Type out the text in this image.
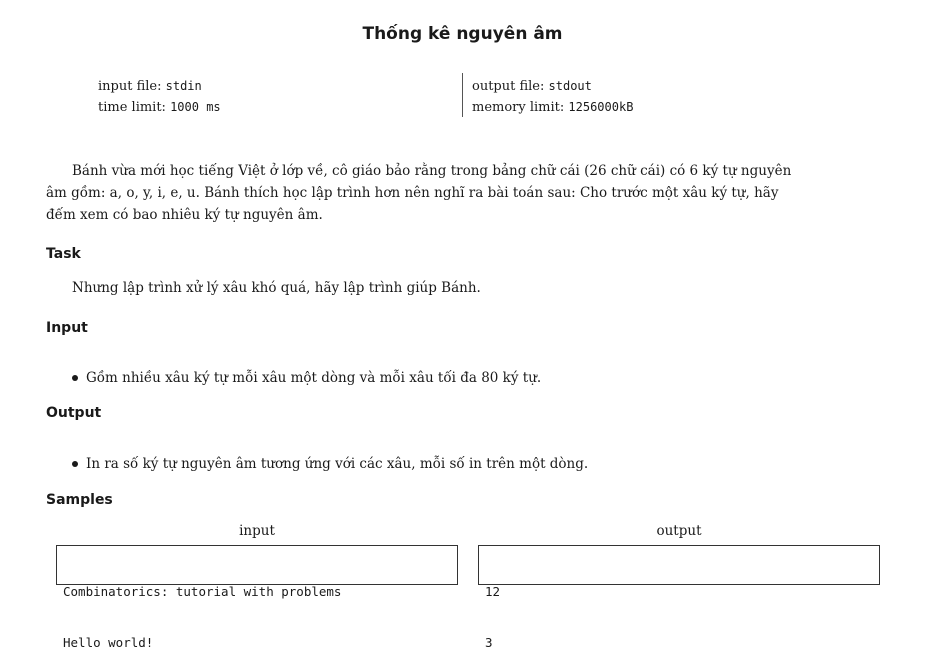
Thống kê nguyên âm
input file: stdin
time limit: 1000 ms
output file: stdout
memory limit: 1256000kB
Bánh vừa mới học tiếng Việt ở lớp về, cô giáo bảo rằng trong bảng chữ cái (26 chữ cái) có 6 ký tự nguyên
âm gồm: a, o, y, i, e, u. Bánh thích học lập trình hơn nên nghĩ ra bài toán sau: Cho trước một xâu ký tự, hãy
đếm xem có bao nhiêu ký tự nguyên âm.
Task
Nhưng lập trình xử lý xâu khó quá, hãy lập trình giúp Bánh.
Input
Gồm nhiều xâu ký tự mỗi xâu một dòng và mỗi xâu tối đa 80 ký tự.
Output
In ra số ký tự nguyên âm tương ứng với các xâu, mỗi số in trên một dòng.
Samples
input	output

Combinatorics: tutorial with problems

Hello world!

12

3
